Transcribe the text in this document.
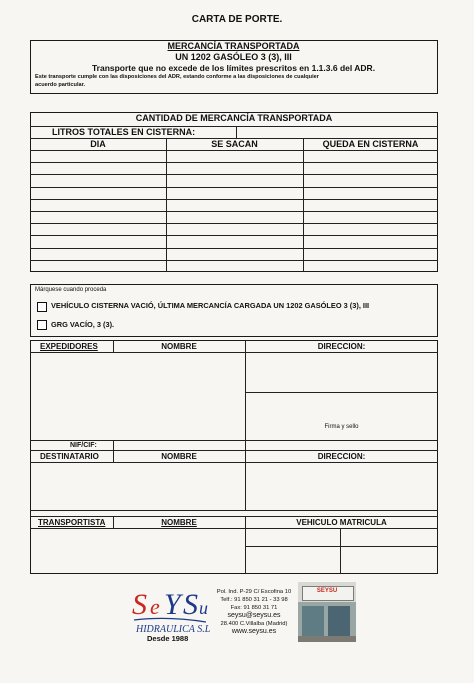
CARTA DE PORTE.
MERCANCÍA TRANSPORTADA
UN 1202 GASÓLEO 3 (3), III
Transporte que no excede de los límites prescritos en 1.1.3.6 del ADR.
Este transporte cumple con las disposiciones del ADR, estando conforme a las disposiciones de cualquier
acuerdo particular.
CANTIDAD DE MERCANCÍA TRANSPORTADA
LITROS TOTALES EN CISTERNA:
DIA	SE SACAN	QUEDA EN CISTERNA
Márquese cuando proceda
VEHÍCULO CISTERNA VACIÓ, ÚLTIMA MERCANCÍA CARGADA UN 1202 GASÓLEO 3 (3), III
GRG VACÍO, 3 (3).
EXPEDIDORES	NOMBRE	DIRECCION:
Firma y sello
NIF/CIF:
DESTINATARIO	NOMBRE	DIRECCION:
TRANSPORTISTA	NOMBRE	VEHICULO MATRICULA
S e Y S u
HIDRAULICA S.L.
Desde 1988
Pol. Ind. P-29 C/ Escofina 10
Telf.: 91 850 31 21 - 33 98
Fax: 91 850 31 71
seysu@seysu.es
28.400 C.Villalba (Madrid)
www.seysu.es
SEYSU
